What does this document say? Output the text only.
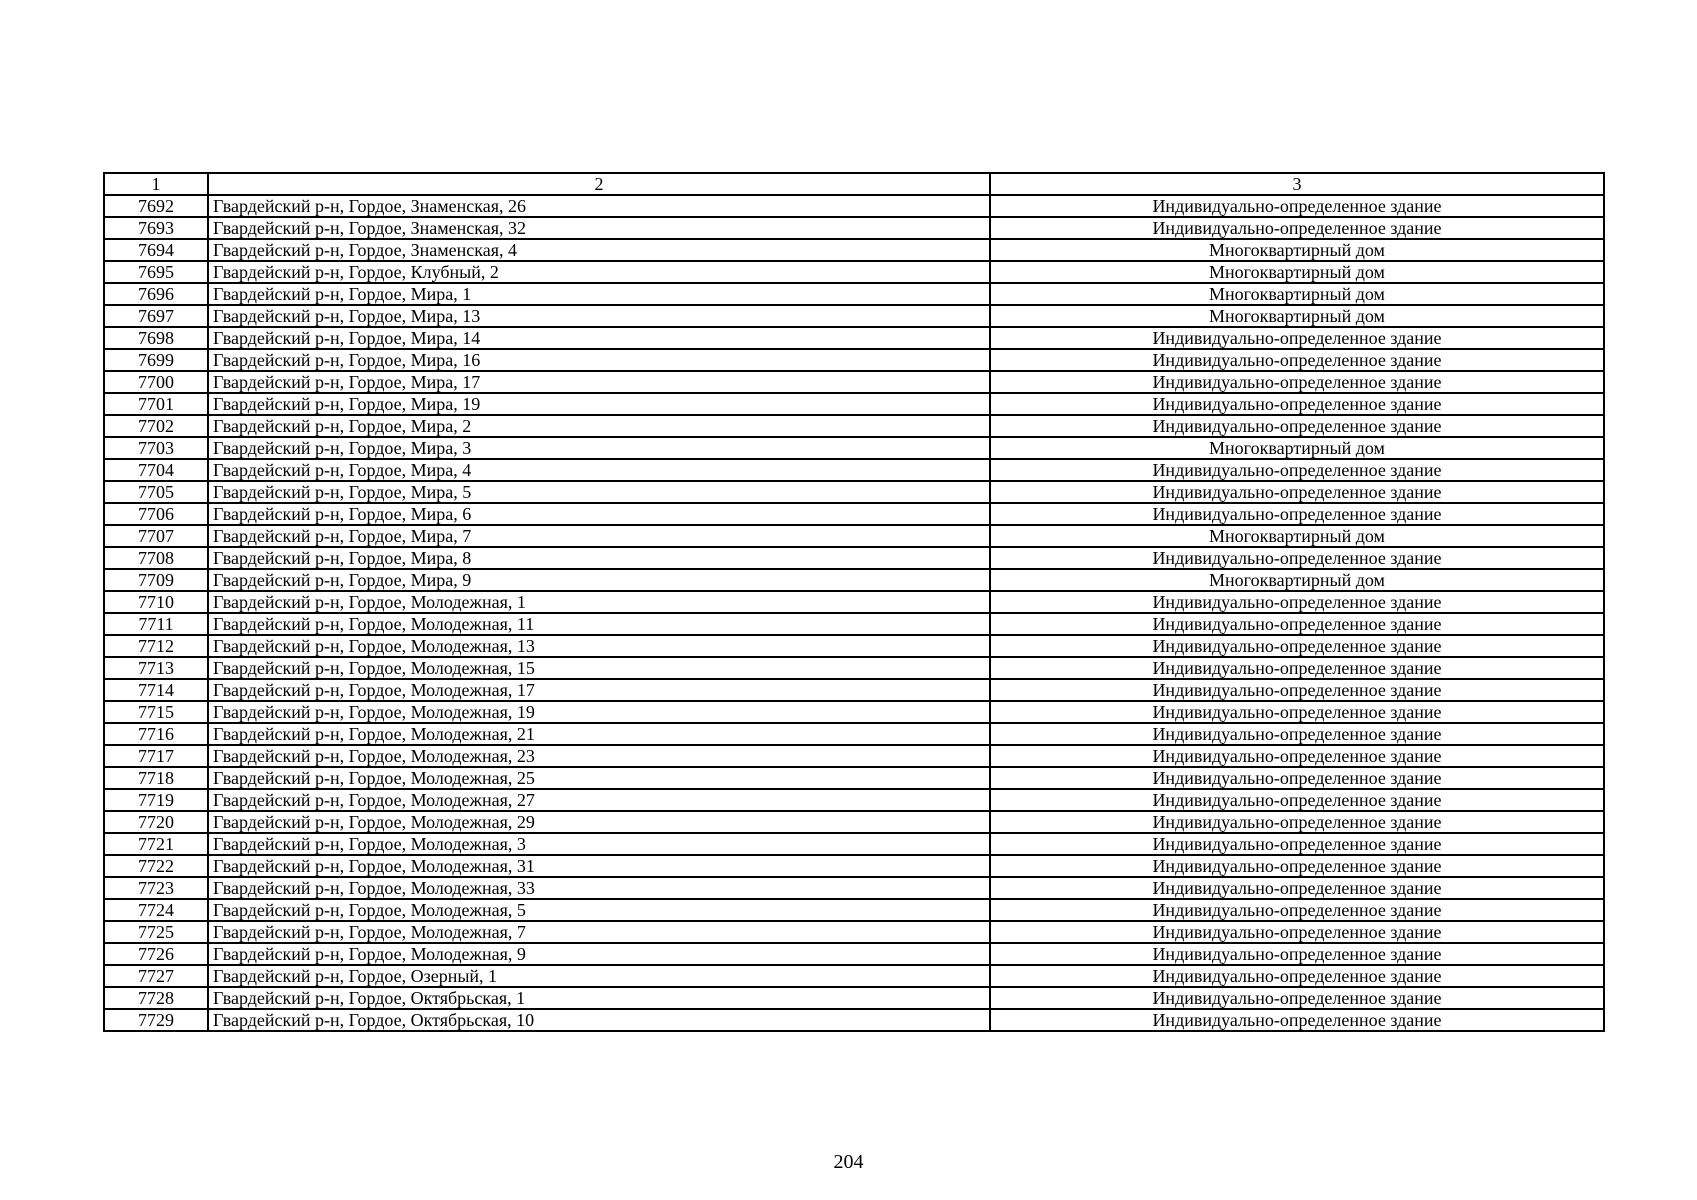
1	2	3
7692	Гвардейский р-н, Гордое, Знаменская, 26	Индивидуально-определенное здание
7693	Гвардейский р-н, Гордое, Знаменская, 32	Индивидуально-определенное здание
7694	Гвардейский р-н, Гордое, Знаменская, 4	Многоквартирный дом
7695	Гвардейский р-н, Гордое, Клубный, 2	Многоквартирный дом
7696	Гвардейский р-н, Гордое, Мира, 1	Многоквартирный дом
7697	Гвардейский р-н, Гордое, Мира, 13	Многоквартирный дом
7698	Гвардейский р-н, Гордое, Мира, 14	Индивидуально-определенное здание
7699	Гвардейский р-н, Гордое, Мира, 16	Индивидуально-определенное здание
7700	Гвардейский р-н, Гордое, Мира, 17	Индивидуально-определенное здание
7701	Гвардейский р-н, Гордое, Мира, 19	Индивидуально-определенное здание
7702	Гвардейский р-н, Гордое, Мира, 2	Индивидуально-определенное здание
7703	Гвардейский р-н, Гордое, Мира, 3	Многоквартирный дом
7704	Гвардейский р-н, Гордое, Мира, 4	Индивидуально-определенное здание
7705	Гвардейский р-н, Гордое, Мира, 5	Индивидуально-определенное здание
7706	Гвардейский р-н, Гордое, Мира, 6	Индивидуально-определенное здание
7707	Гвардейский р-н, Гордое, Мира, 7	Многоквартирный дом
7708	Гвардейский р-н, Гордое, Мира, 8	Индивидуально-определенное здание
7709	Гвардейский р-н, Гордое, Мира, 9	Многоквартирный дом
7710	Гвардейский р-н, Гордое, Молодежная, 1	Индивидуально-определенное здание
7711	Гвардейский р-н, Гордое, Молодежная, 11	Индивидуально-определенное здание
7712	Гвардейский р-н, Гордое, Молодежная, 13	Индивидуально-определенное здание
7713	Гвардейский р-н, Гордое, Молодежная, 15	Индивидуально-определенное здание
7714	Гвардейский р-н, Гордое, Молодежная, 17	Индивидуально-определенное здание
7715	Гвардейский р-н, Гордое, Молодежная, 19	Индивидуально-определенное здание
7716	Гвардейский р-н, Гордое, Молодежная, 21	Индивидуально-определенное здание
7717	Гвардейский р-н, Гордое, Молодежная, 23	Индивидуально-определенное здание
7718	Гвардейский р-н, Гордое, Молодежная, 25	Индивидуально-определенное здание
7719	Гвардейский р-н, Гордое, Молодежная, 27	Индивидуально-определенное здание
7720	Гвардейский р-н, Гордое, Молодежная, 29	Индивидуально-определенное здание
7721	Гвардейский р-н, Гордое, Молодежная, 3	Индивидуально-определенное здание
7722	Гвардейский р-н, Гордое, Молодежная, 31	Индивидуально-определенное здание
7723	Гвардейский р-н, Гордое, Молодежная, 33	Индивидуально-определенное здание
7724	Гвардейский р-н, Гордое, Молодежная, 5	Индивидуально-определенное здание
7725	Гвардейский р-н, Гордое, Молодежная, 7	Индивидуально-определенное здание
7726	Гвардейский р-н, Гордое, Молодежная, 9	Индивидуально-определенное здание
7727	Гвардейский р-н, Гордое, Озерный, 1	Индивидуально-определенное здание
7728	Гвардейский р-н, Гордое, Октябрьская, 1	Индивидуально-определенное здание
7729	Гвардейский р-н, Гордое, Октябрьская, 10	Индивидуально-определенное здание
204
